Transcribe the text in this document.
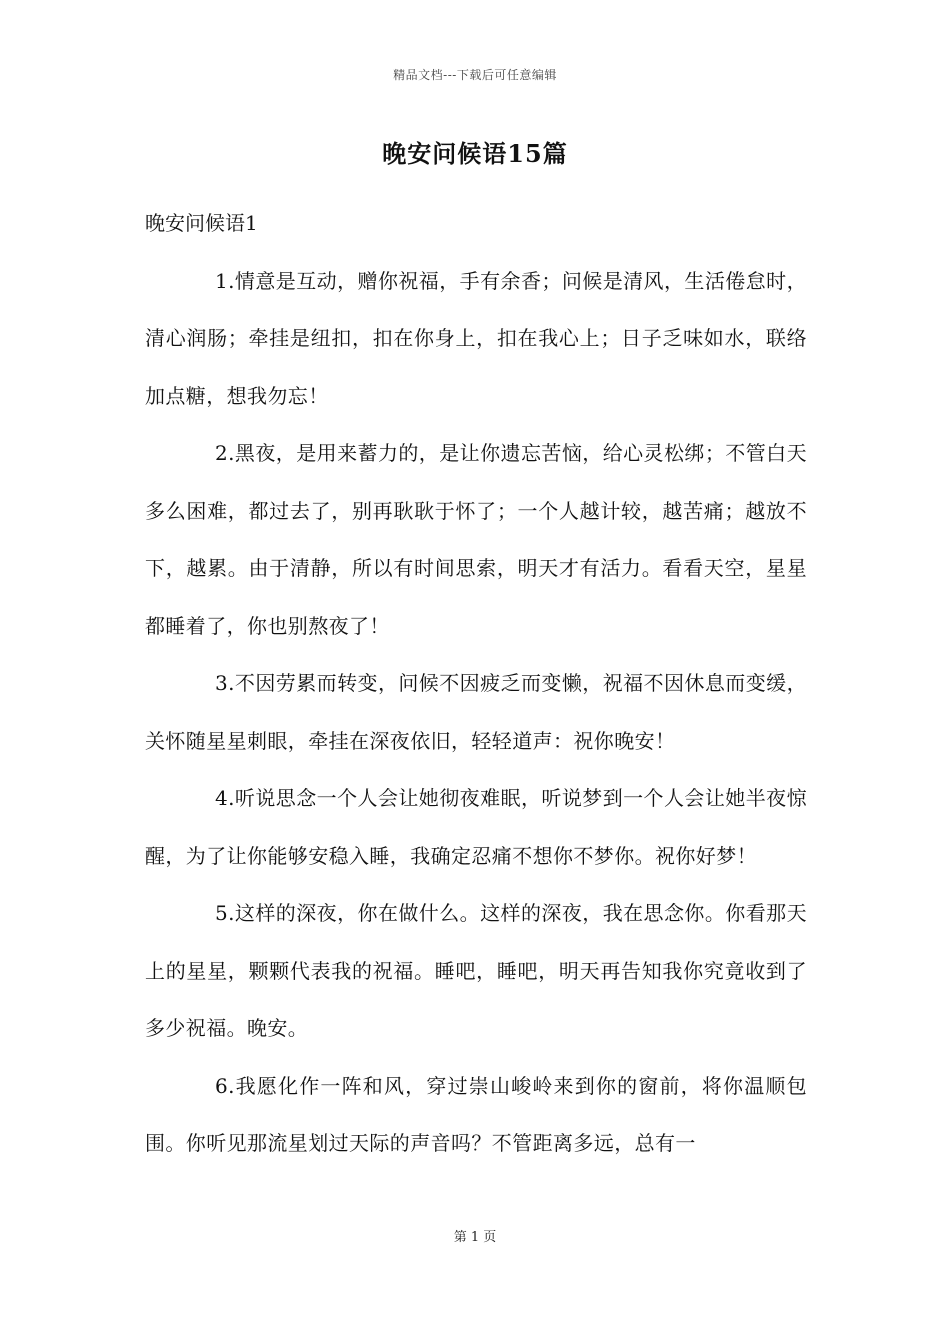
精品文档---下载后可任意编辑
晚安问候语15篇
晚安问候语1

1.情意是互动，赠你祝福，手有余香；问候是清风，生活倦怠时，清心润肠；牵挂是纽扣，扣在你身上，扣在我心上；日子乏味如水，联络加点糖，想我勿忘！

2.黑夜，是用来蓄力的，是让你遗忘苦恼，给心灵松绑；不管白天多么困难，都过去了，别再耿耿于怀了；一个人越计较，越苦痛；越放不下，越累。由于清静，所以有时间思索，明天才有活力。看看天空，星星都睡着了，你也别熬夜了！

3.不因劳累而转变，问候不因疲乏而变懒，祝福不因休息而变缓，关怀随星星刺眼，牵挂在深夜依旧，轻轻道声：祝你晚安！

4.听说思念一个人会让她彻夜难眠，听说梦到一个人会让她半夜惊醒，为了让你能够安稳入睡，我确定忍痛不想你不梦你。祝你好梦！

5.这样的深夜，你在做什么。这样的深夜，我在思念你。你看那天上的星星，颗颗代表我的祝福。睡吧，睡吧，明天再告知我你究竟收到了多少祝福。晚安。

6.我愿化作一阵和风，穿过崇山峻岭来到你的窗前，将你温顺包围。你听见那流星划过天际的声音吗？不管距离多远，总有一

第 1 页
